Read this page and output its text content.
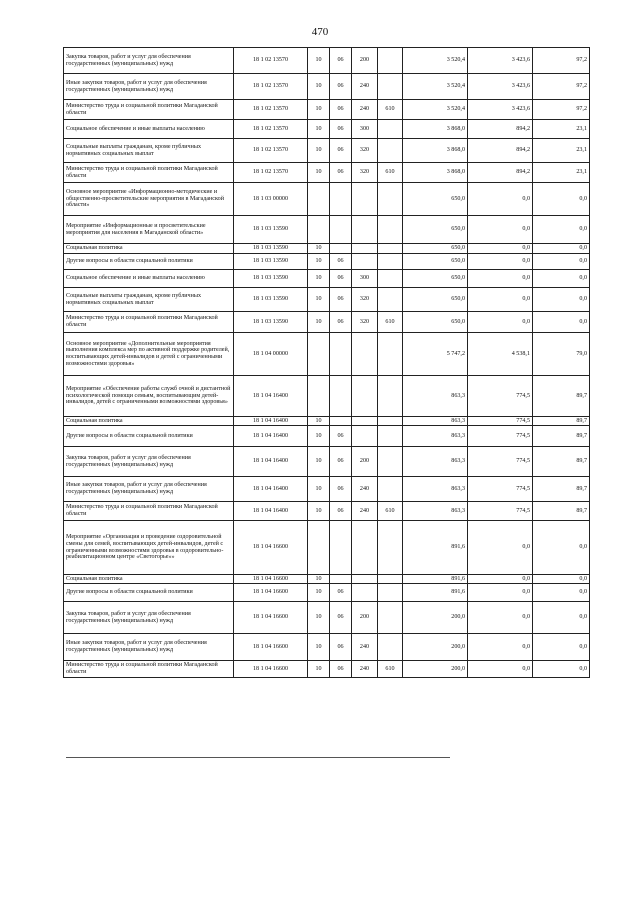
470
Закупка товаров, работ и услуг для обеспечения государственных (муниципальных) нужд	18 1 02 13570	10	06	200		3 520,4	3 423,6	97,2
Иные закупки товаров, работ и услуг для обеспечения государственных (муниципальных) нужд	18 1 02 13570	10	06	240		3 520,4	3 423,6	97,2
Министерство труда и социальной политики Магаданской области	18 1 02 13570	10	06	240	610	3 520,4	3 423,6	97,2
Социальное обеспечение и иные выплаты населению	18 1 02 13570	10	06	300		3 868,0	894,2	23,1
Социальные выплаты гражданам, кроме публичных нормативных социальных выплат	18 1 02 13570	10	06	320		3 868,0	894,2	23,1
Министерство труда и социальной политики Магаданской области	18 1 02 13570	10	06	320	610	3 868,0	894,2	23,1
Основное мероприятие «Информационно-методические и общественно-просветительские мероприятия в Магаданской области»	18 1 03 00000					650,0	0,0	0,0
Мероприятие «Информационные и просветительские мероприятия для населения в Магаданской области»	18 1 03 13590					650,0	0,0	0,0
Социальная политика	18 1 03 13590	10				650,0	0,0	0,0
Другие вопросы в области социальной политики	18 1 03 13590	10	06			650,0	0,0	0,0
Социальное обеспечение и иные выплаты населению	18 1 03 13590	10	06	300		650,0	0,0	0,0
Социальные выплаты гражданам, кроме публичных нормативных социальных выплат	18 1 03 13590	10	06	320		650,0	0,0	0,0
Министерство труда и социальной политики Магаданской области	18 1 03 13590	10	06	320	610	650,0	0,0	0,0
Основное мероприятие «Дополнительные мероприятия выполнения комплекса мер по активной поддержке родителей, воспитывающих детей-инвалидов и детей с ограниченными возможностями здоровья»	18 1 04 00000					5 747,2	4 538,1	79,0
Мероприятие «Обеспечение работы служб очной и дистантной психологической помощи семьям, воспитывающим детей-инвалидов, детей с ограниченными возможностями здоровья»	18 1 04 16400					863,3	774,5	89,7
Социальная политика	18 1 04 16400	10				863,3	774,5	89,7
Другие вопросы в области социальной политики	18 1 04 16400	10	06			863,3	774,5	89,7
Закупка товаров, работ и услуг для обеспечения государственных (муниципальных) нужд	18 1 04 16400	10	06	200		863,3	774,5	89,7
Иные закупки товаров, работ и услуг для обеспечения государственных (муниципальных) нужд	18 1 04 16400	10	06	240		863,3	774,5	89,7
Министерство труда и социальной политики Магаданской области	18 1 04 16400	10	06	240	610	863,3	774,5	89,7
Мероприятие «Организация и проведение оздоровительной смены для семей, воспитывающих детей-инвалидов, детей с ограниченными возможностями здоровья в оздоровительно-реабилитационном центре «Светогорье»»	18 1 04 16600					891,6	0,0	0,0
Социальная политика	18 1 04 16600	10				891,6	0,0	0,0
Другие вопросы в области социальной политики	18 1 04 16600	10	06			891,6	0,0	0,0
Закупка товаров, работ и услуг для обеспечения государственных (муниципальных) нужд	18 1 04 16600	10	06	200		200,0	0,0	0,0
Иные закупки товаров, работ и услуг для обеспечения государственных (муниципальных) нужд	18 1 04 16600	10	06	240		200,0	0,0	0,0
Министерство труда и социальной политики Магаданской области	18 1 04 16600	10	06	240	610	200,0	0,0	0,0
